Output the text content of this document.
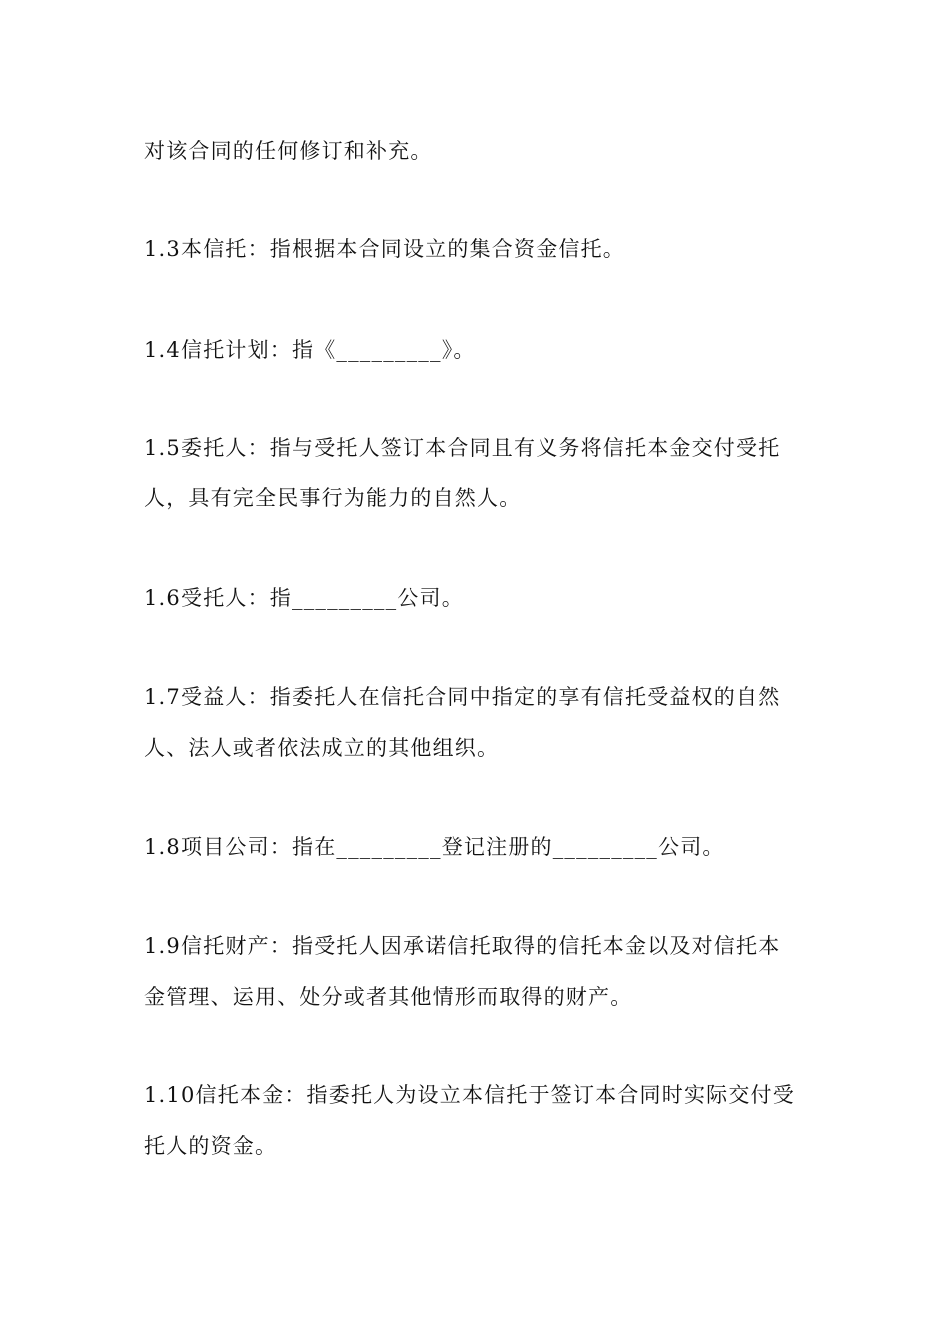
对该合同的任何修订和补充。
1.3本信托：指根据本合同设立的集合资金信托。
1.4信托计划：指《_________》。
1.5委托人：指与受托人签订本合同且有义务将信托本金交付受托
人，具有完全民事行为能力的自然人。
1.6受托人：指_________公司。
1.7受益人：指委托人在信托合同中指定的享有信托受益权的自然
人、法人或者依法成立的其他组织。
1.8项目公司：指在_________登记注册的_________公司。
1.9信托财产：指受托人因承诺信托取得的信托本金以及对信托本
金管理、运用、处分或者其他情形而取得的财产。
1.10信托本金：指委托人为设立本信托于签订本合同时实际交付受
托人的资金。
